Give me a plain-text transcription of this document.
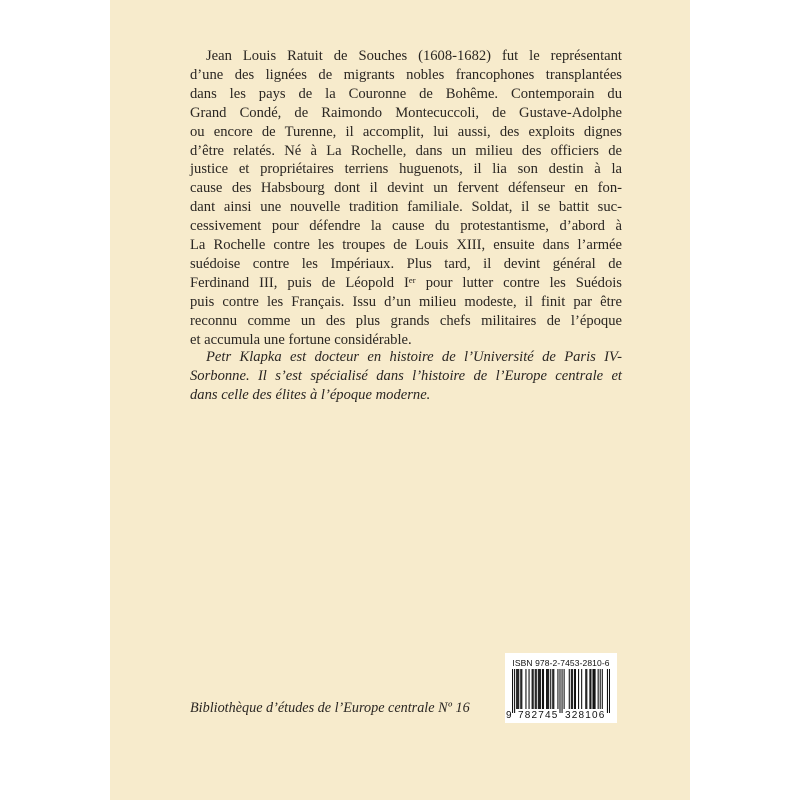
Jean Louis Ratuit de Souches (1608-1682) fut le représentant
d’une des lignées de migrants nobles francophones transplantées
dans les pays de la Couronne de Bohême. Contemporain du
Grand Condé, de Raimondo Montecuccoli, de Gustave-Adolphe
ou encore de Turenne, il accomplit, lui aussi, des exploits dignes
d’être relatés. Né à La Rochelle, dans un milieu des officiers de
justice et propriétaires terriens huguenots, il lia son destin à la
cause des Habsbourg dont il devint un fervent défenseur en fon-
dant ainsi une nouvelle tradition familiale. Soldat, il se battit suc-
cessivement pour défendre la cause du protestantisme, d’abord à
La Rochelle contre les troupes de Louis XIII, ensuite dans l’armée
suédoise contre les Impériaux. Plus tard, il devint général de
Ferdinand III, puis de Léopold Iᵉʳ pour lutter contre les Suédois
puis contre les Français. Issu d’un milieu modeste, il finit par être
reconnu comme un des plus grands chefs militaires de l’époque
et accumula une fortune considérable.
Petr Klapka est docteur en histoire de l’Université de Paris IV-
Sorbonne. Il s’est spécialisé dans l’histoire de l’Europe centrale et
dans celle des élites à l’époque moderne.
Bibliothèque d’études de l’Europe centrale Nº 16
ISBN 978-2-7453-2810-6
9 782745 328106
